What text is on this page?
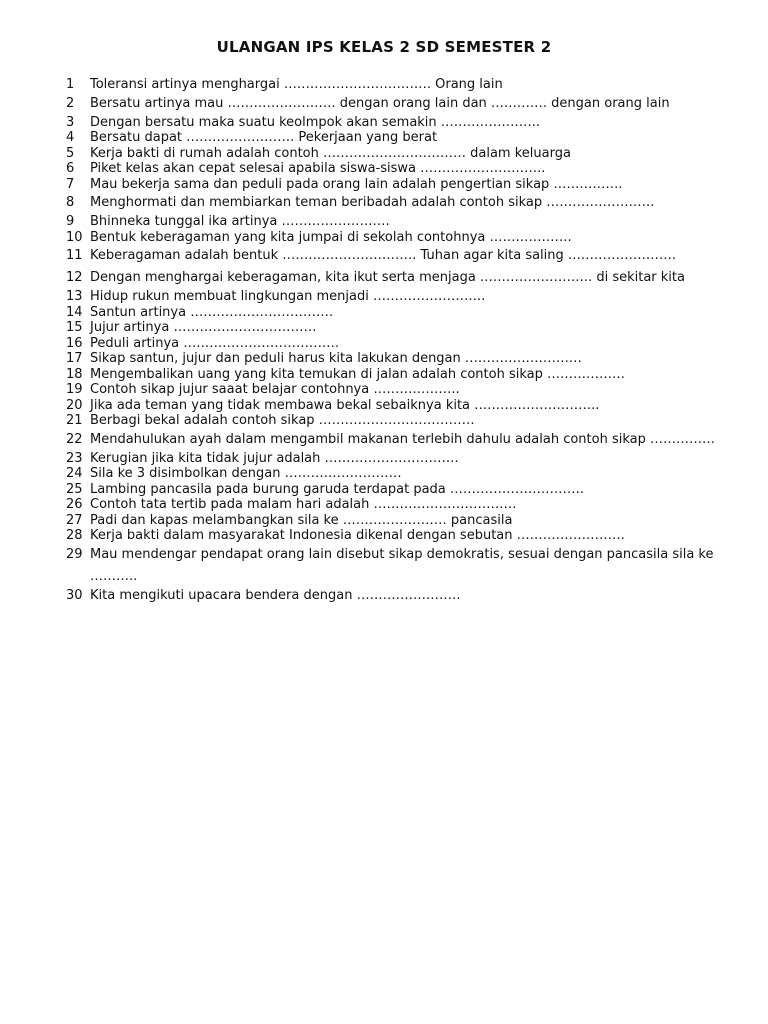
ULANGAN IPS KELAS 2 SD SEMESTER 2
1	Toleransi artinya menghargai ……………………………. Orang lain
2	Bersatu artinya mau ……………………. dengan orang lain dan …………. dengan orang lain
3	Dengan bersatu maka suatu keolmpok akan semakin …………………..
4	Bersatu dapat ……………………. Pekerjaan yang berat
5	Kerja bakti di rumah adalah contoh …………………………… dalam keluarga
6	Piket kelas akan cepat selesai apabila siswa-siswa ………………………..
7	Mau bekerja sama dan peduli pada orang lain adalah pengertian sikap …………….
8	Menghormati dan membiarkan teman beribadah adalah contoh sikap …………………….
9	Bhinneka tunggal ika artinya …………………….
10 Bentuk keberagaman yang kita jumpai di sekolah contohnya ……………….
11 Keberagaman adalah bentuk …………………………. Tuhan agar kita saling …………………….
12 Dengan menghargai keberagaman, kita ikut serta menjaga …………………….. di sekitar kita
13 Hidup rukun membuat lingkungan menjadi ……………………..
14 Santun artinya ……………………………
15 Jujur artinya ……………………………
16 Peduli artinya ………………………………
17 Sikap santun, jujur dan peduli harus kita lakukan dengan ………………………
18 Mengembalikan uang yang kita temukan di jalan adalah contoh sikap ………………
19 Contoh sikap jujur saaat belajar contohnya ………………..
20 Jika ada teman yang tidak membawa bekal sebaiknya kita ………………………..
21 Berbagi bekal adalah contoh sikap ………………………………
22 Mendahulukan ayah dalam mengambil makanan terlebih dahulu adalah contoh sikap ……………
23 Kerugian jika kita tidak jujur adalah ………………………….
24 Sila ke 3 disimbolkan dengan ………………………
25 Lambing pancasila pada burung garuda terdapat pada ………………………….
26 Contoh tata tertib pada malam hari adalah ……………………………
27 Padi dan kapas melambangkan sila ke …………………… pancasila
28 Kerja bakti dalam masyarakat Indonesia dikenal dengan sebutan …………………….
29 Mau mendengar pendapat orang lain disebut sikap demokratis, sesuai dengan pancasila sila ke ………..
30 Kita mengikuti upacara bendera dengan ……………………
